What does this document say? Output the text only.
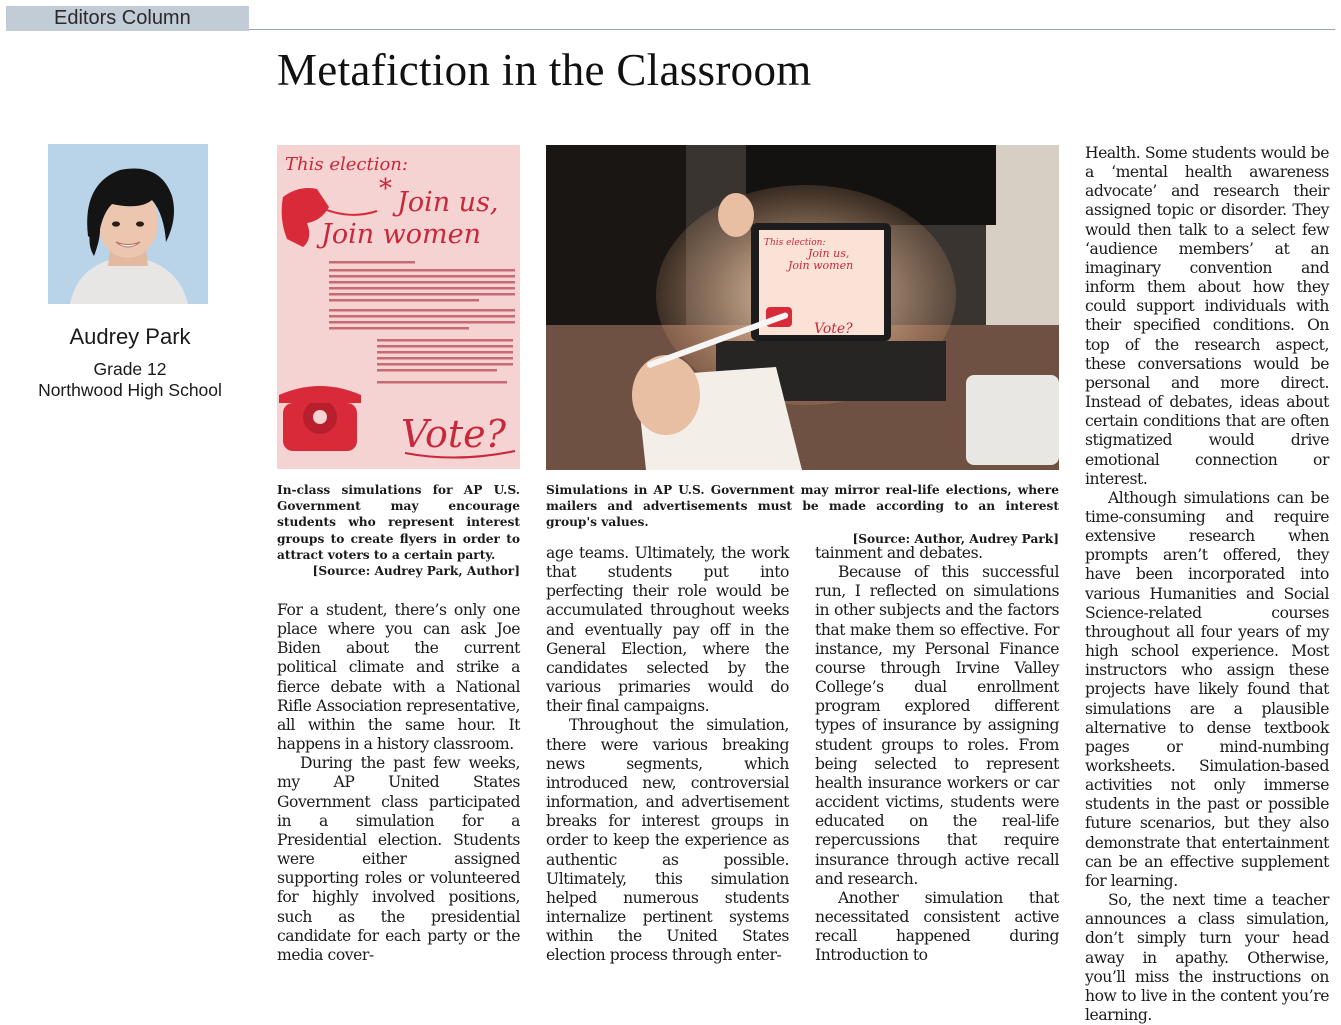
Editors Column
Metafiction in the Classroom
Audrey Park
Grade 12
Northwood High School
This election:
* Join us,
Join women
Vote?
This election:
Join us,
Join women
Vote?
In-class simulations for AP U.S. Government may encourage students who represent interest groups to create flyers in order to attract voters to a certain party.
[Source: Audrey Park, Author]
Simulations in AP U.S. Government may mirror real-life elections, where mailers and advertisements must be made according to an interest group's values.
[Source: Author, Audrey Park]

For a student, there’s only one place where you can ask Joe Biden about the current political climate and strike a fierce debate with a National Rifle Association representative, all within the same hour. It happens in a history classroom.

During the past few weeks, my AP United States Government class participated in a simulation for a Presidential election. Students were either assigned supporting roles or volunteered for highly involved positions, such as the presidential candidate for each party or the media cover-

age teams. Ultimately, the work that students put into perfecting their role would be accumulated throughout weeks and eventually pay off in the General Election, where the candidates selected by the various primaries would do their final campaigns.

Throughout the simulation, there were various breaking news segments, which introduced new, controversial information, and advertisement breaks for interest groups in order to keep the experience as authentic as possible. Ultimately, this simulation helped numerous students internalize pertinent systems within the United States election process through enter-

tainment and debates.

Because of this successful run, I reflected on simulations in other subjects and the factors that make them so effective. For instance, my Personal Finance course through Irvine Valley College’s dual enrollment program explored different types of insurance by assigning student groups to roles. From being selected to represent health insurance workers or car accident victims, students were educated on the real-life repercussions that require insurance through active recall and research.

Another simulation that necessitated consistent active recall happened during Introduction to

Health. Some students would be a ‘mental health awareness advocate’ and research their assigned topic or disorder. They would then talk to a select few ‘audience members’ at an imaginary convention and inform them about how they could support individuals with their specified conditions. On top of the research aspect, these conversations would be personal and more direct. Instead of debates, ideas about certain conditions that are often stigmatized would drive emotional connection or interest.

Although simulations can be time-consuming and require extensive research when prompts aren’t offered, they have been incorporated into various Humanities and Social Science-related courses throughout all four years of my high school experience. Most instructors who assign these projects have likely found that simulations are a plausible alternative to dense textbook pages or mind-numbing worksheets. Simulation-based activities not only immerse students in the past or possible future scenarios, but they also demonstrate that entertainment can be an effective supplement for learning.

So, the next time a teacher announces a class simulation, don’t simply turn your head away in apathy. Otherwise, you’ll miss the instructions on how to live in the content you’re learning.
